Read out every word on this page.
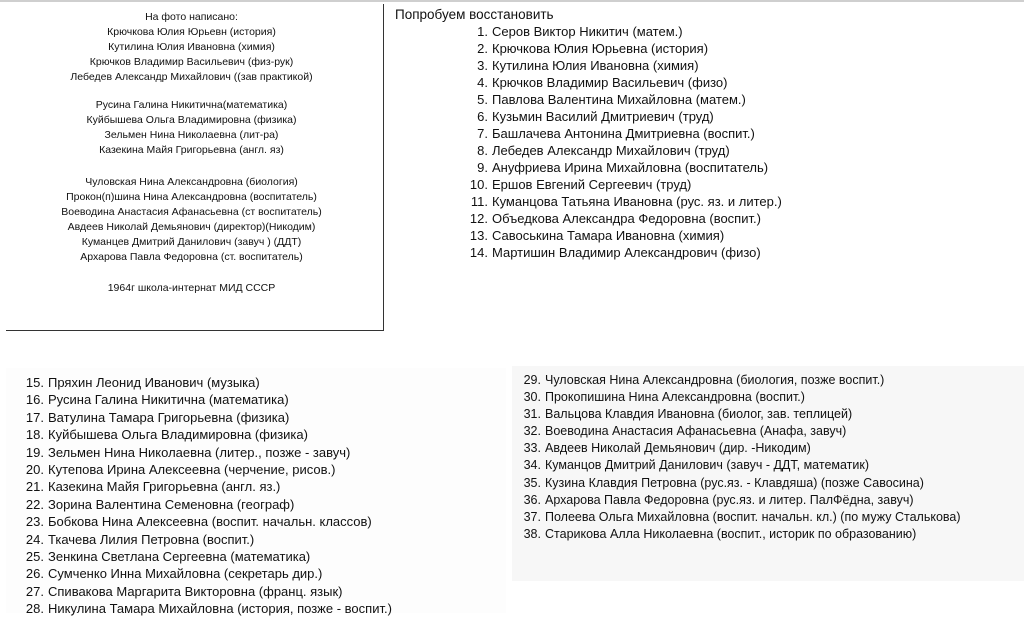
На фото написано:
Крючкова Юлия Юрьевн (история)
Кутилина Юлия Ивановна (химия)
Крючков Владимир Васильевич (физ-рук)
Лебедев Александр Михайлович ((зав практикой)
Русина Галина Никитична(математика)
Куйбышева Ольга Владимировна (физика)
Зельмен Нина Николаевна (лит-ра)
Казекина Майя Григорьевна (англ. яз)
Чуловская Нина Александровна (биология)
Прокон(п)шина Нина Александровна (воспитатель)
Воеводина Анастасия Афанасьевна (ст воспитатель)
Авдеев Николай Демьянович (директор)(Никодим)
Куманцев Дмитрий Данилович (завуч ) (ДДТ)
Архарова Павла Федоровна (ст. воспитатель)
1964г школа-интернат МИД СССР
Попробуем восстановить
1. Серов Виктор Никитич (матем.)
2. Крючкова Юлия Юрьевна (история)
3. Кутилина Юлия Ивановна (химия)
4. Крючков Владимир Васильевич (физо)
5. Павлова Валентина Михайловна (матем.)
6. Кузьмин Василий Дмитриевич (труд)
7. Башлачева Антонина Дмитриевна (воспит.)
8. Лебедев Александр Михайлович (труд)
9. Ануфриева Ирина Михайловна (воспитатель)
10. Ершов Евгений Сергеевич (труд)
11. Куманцова Татьяна Ивановна (рус. яз. и литер.)
12. Объедкова Александра Федоровна (воспит.)
13. Савоськина Тамара Ивановна (химия)
14. Мартишин Владимир Александрович (физо)
15. Пряхин Леонид Иванович (музыка)
16. Русина Галина Никитична (математика)
17. Ватулина Тамара Григорьевна (физика)
18. Куйбышева Ольга Владимировна (физика)
19. Зельмен Нина Николаевна (литер., позже - завуч)
20. Кутепова Ирина Алексеевна (черчение, рисов.)
21. Казекина Майя Григорьевна (англ. яз.)
22. Зорина Валентина Семеновна (географ)
23. Бобкова Нина Алексеевна (воспит. начальн. классов)
24. Ткачева Лилия Петровна (воспит.)
25. Зенкина Светлана Сергеевна (математика)
26. Сумченко Инна Михайловна (секретарь дир.)
27. Спивакова Маргарита Викторовна (франц. язык)
28. Никулина Тамара Михайловна (история, позже - воспит.)
29. Чуловская Нина Александровна (биология, позже воспит.)
30. Прокопишина Нина Александровна (воспит.)
31. Вальцова Клавдия Ивановна (биолог, зав. теплицей)
32. Воеводина Анастасия Афанасьевна (Анафа, завуч)
33. Авдеев Николай Демьянович (дир. -Никодим)
34. Куманцов Дмитрий Данилович (завуч - ДДТ, математик)
35. Кузина Клавдия Петровна (рус.яз. - Клавдяша) (позже Савосина)
36. Архарова Павла Федоровна (рус.яз. и литер. ПалФёдна, завуч)
37. Полеева Ольга Михайловна (воспит. начальн. кл.) (по мужу Сталькова)
38. Старикова Алла Николаевна (воспит., историк по образованию)
